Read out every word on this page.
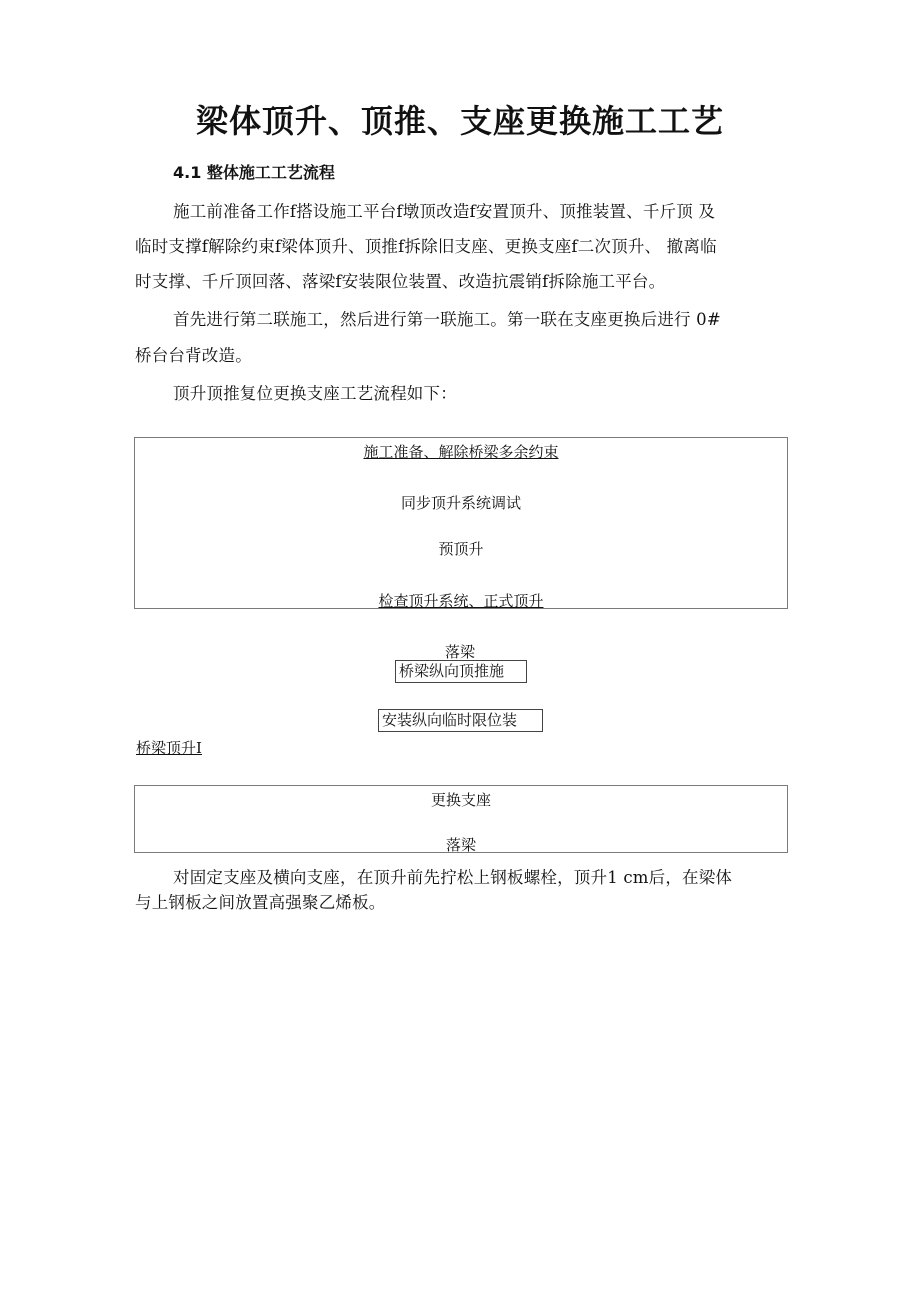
梁体顶升、顶推、支座更换施工工艺
4.1 整体施工工艺流程
施工前准备工作f搭设施工平台f墩顶改造f安置顶升、顶推装置、千斤顶 及
临时支撑f解除约束f梁体顶升、顶推f拆除旧支座、更换支座f二次顶升、 撤离临
时支撑、千斤顶回落、落梁f安装限位装置、改造抗震销f拆除施工平台。
首先进行第二联施工，然后进行第一联施工。第一联在支座更换后进行 0#
桥台台背改造。
顶升顶推复位更换支座工艺流程如下：
施工准备、解除桥梁多余约束
同步顶升系统调试
预顶升
检查顶升系统、正式顶升
落梁
桥梁纵向顶推施
安装纵向临时限位装
桥梁顶升I
更换支座
落梁
对固定支座及横向支座，在顶升前先拧松上钢板螺栓，顶升1 cm后，在梁体
与上钢板之间放置高强聚乙烯板。
